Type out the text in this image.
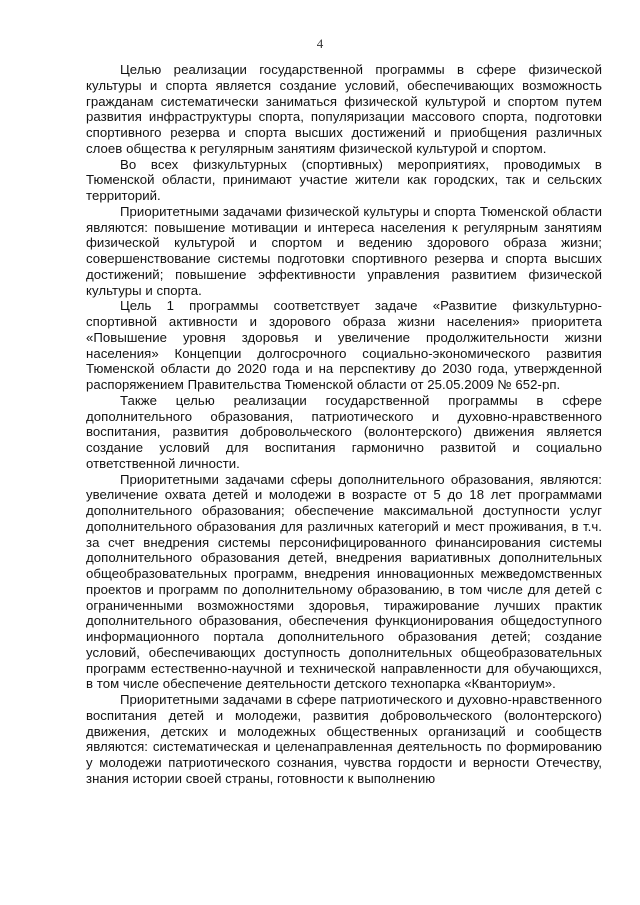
4

Целью реализации государственной программы в сфере физической культуры и спорта является создание условий, обеспечивающих возможность гражданам систематически заниматься физической культурой и спортом путем развития инфраструктуры спорта, популяризации массового спорта, подготовки спортивного резерва и спорта высших достижений и приобщения различных слоев общества к регулярным занятиям физической культурой и спортом.

Во всех физкультурных (спортивных) мероприятиях, проводимых в Тюменской области, принимают участие жители как городских, так и сельских территорий.

Приоритетными задачами физической культуры и спорта Тюменской области являются: повышение мотивации и интереса населения к регулярным занятиям физической культурой и спортом и ведению здорового образа жизни; совершенствование системы подготовки спортивного резерва и спорта высших достижений; повышение эффективности управления развитием физической культуры и спорта.

Цель 1 программы соответствует задаче «Развитие физкультурно-спортивной активности и здорового образа жизни населения» приоритета «Повышение уровня здоровья и увеличение продолжительности жизни населения» Концепции долгосрочного социально-экономического развития Тюменской области до 2020 года и на перспективу до 2030 года, утвержденной распоряжением Правительства Тюменской области от 25.05.2009 № 652-рп.

Также целью реализации государственной программы в сфере дополнительного образования, патриотического и духовно-нравственного воспитания, развития добровольческого (волонтерского) движения является создание условий для воспитания гармонично развитой и социально ответственной личности.

Приоритетными задачами сферы дополнительного образования, являются: увеличение охвата детей и молодежи в возрасте от 5 до 18 лет программами дополнительного образования; обеспечение максимальной доступности услуг дополнительного образования для различных категорий и мест проживания, в т.ч. за счет внедрения системы персонифицированного финансирования системы дополнительного образования детей, внедрения вариативных дополнительных общеобразовательных программ, внедрения инновационных межведомственных проектов и программ по дополнительному образованию, в том числе для детей с ограниченными возможностями здоровья, тиражирование лучших практик дополнительного образования, обеспечения функционирования общедоступного информационного портала дополнительного образования детей; создание условий, обеспечивающих доступность дополнительных общеобразовательных программ естественно-научной и технической направленности для обучающихся, в том числе обеспечение деятельности детского технопарка «Кванториум».

Приоритетными задачами в сфере патриотического и духовно-нравственного воспитания детей и молодежи, развития добровольческого (волонтерского) движения, детских и молодежных общественных организаций и сообществ являются: систематическая и целенаправленная деятельность по формированию у молодежи патриотического сознания, чувства гордости и верности Отечеству, знания истории своей страны, готовности к выполнению
